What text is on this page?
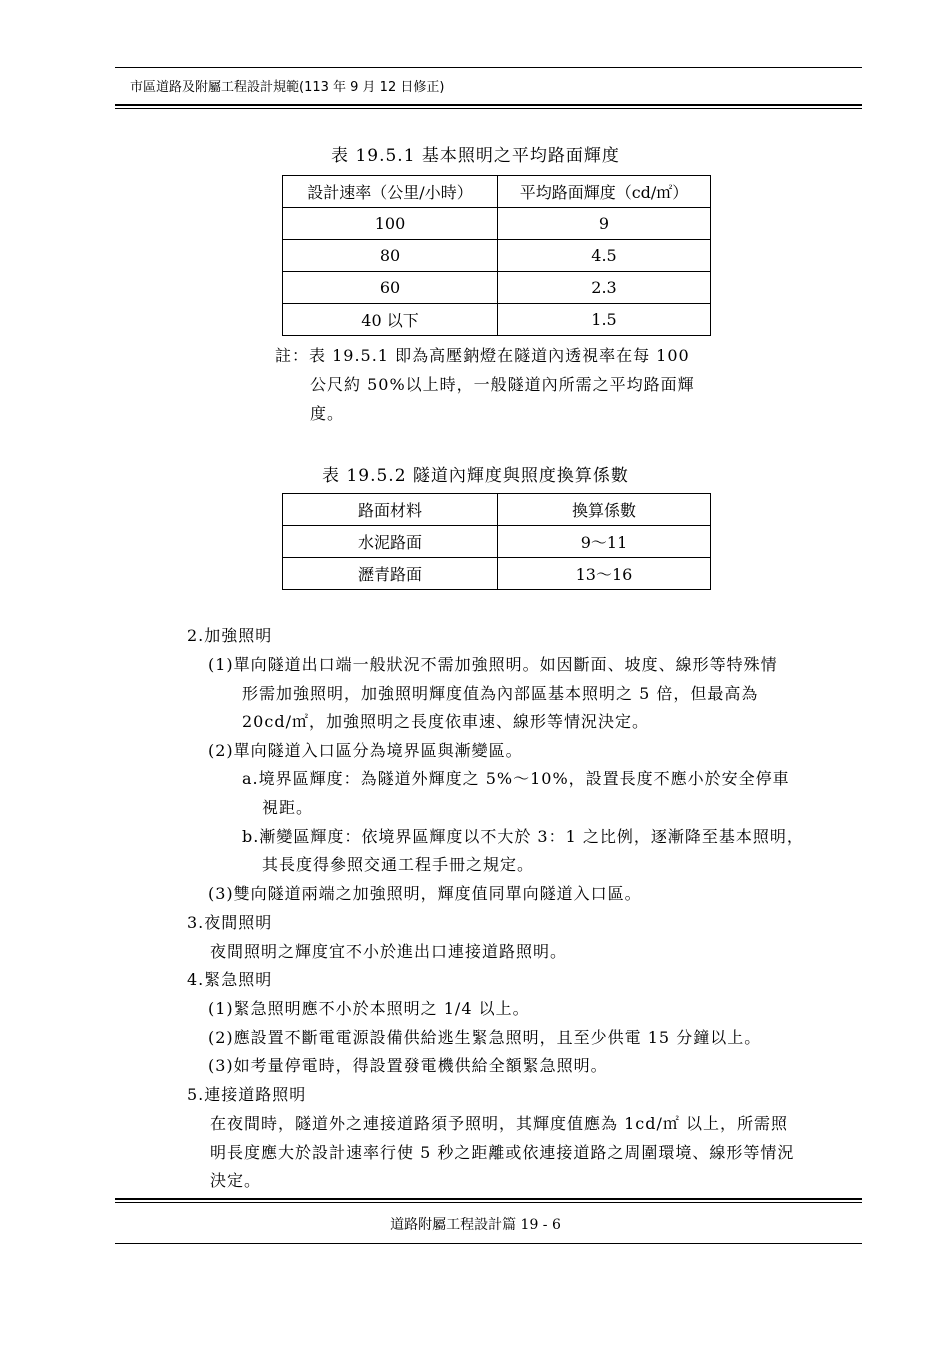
市區道路及附屬工程設計規範(113 年 9 月 12 日修正)
表 19.5.1 基本照明之平均路面輝度
設計速率（公里/小時）	平均路面輝度（cd/㎡）
100	9
80	4.5
60	2.3
40 以下	1.5
註：表 19.5.1 即為高壓鈉燈在隧道內透視率在每 100
公尺約 50%以上時，一般隧道內所需之平均路面輝
度。
表 19.5.2 隧道內輝度與照度換算係數
路面材料	換算係數
水泥路面	9～11
瀝青路面	13～16
2.加強照明
(1)單向隧道出口端一般狀況不需加強照明。如因斷面、坡度、線形等特殊情
形需加強照明，加強照明輝度值為內部區基本照明之 5 倍，但最高為
20cd/㎡，加強照明之長度依車速、線形等情況決定。
(2)單向隧道入口區分為境界區與漸變區。
a.境界區輝度：為隧道外輝度之 5%～10%，設置長度不應小於安全停車
視距。
b.漸變區輝度：依境界區輝度以不大於 3：1 之比例，逐漸降至基本照明，
其長度得參照交通工程手冊之規定。
(3)雙向隧道兩端之加強照明，輝度值同單向隧道入口區。
3.夜間照明
夜間照明之輝度宜不小於進出口連接道路照明。
4.緊急照明
(1)緊急照明應不小於本照明之 1/4 以上。
(2)應設置不斷電電源設備供給逃生緊急照明，且至少供電 15 分鐘以上。
(3)如考量停電時，得設置發電機供給全額緊急照明。
5.連接道路照明
在夜間時，隧道外之連接道路須予照明，其輝度值應為 1cd/㎡ 以上，所需照
明長度應大於設計速率行使 5 秒之距離或依連接道路之周圍環境、線形等情況
決定。
道路附屬工程設計篇 19 - 6
